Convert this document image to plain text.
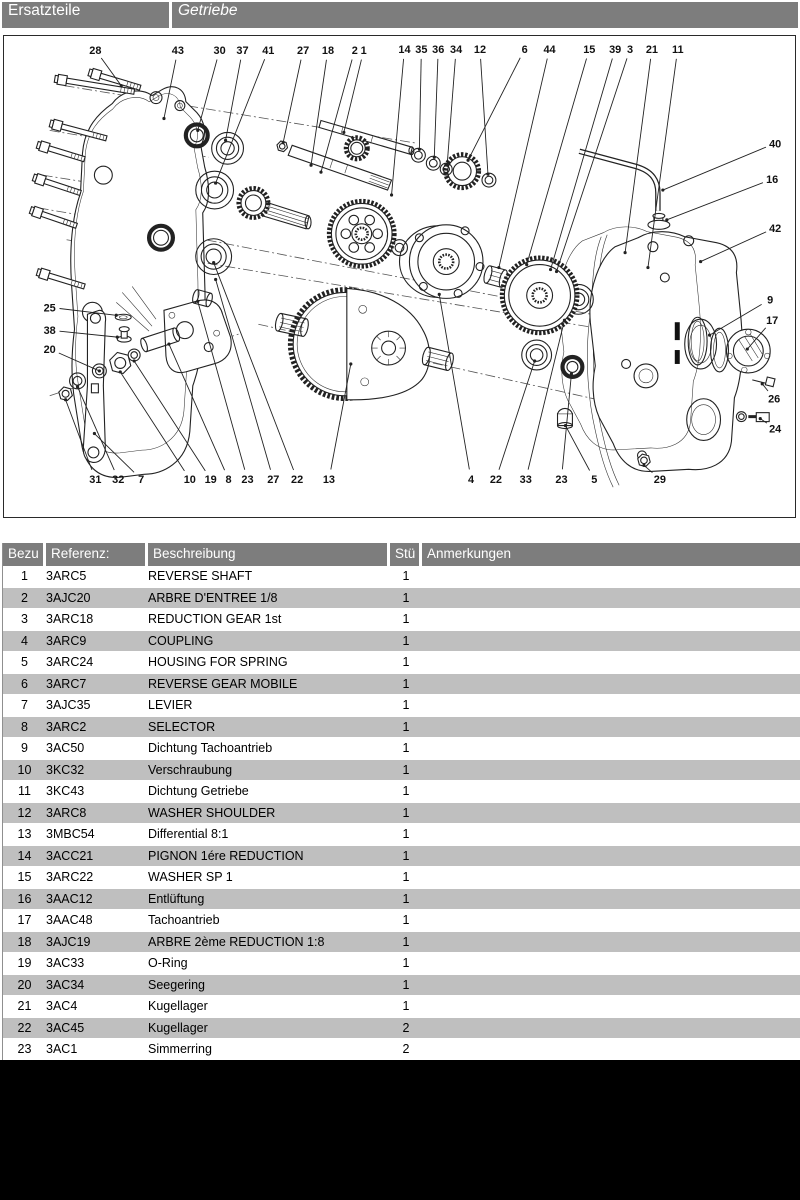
Ersatzteile	Getriebe
28	43	30 37 41 27 18 2 1	14 35 36 34 12	6 44	15 39 3 21 11
40
16
42
9
17
26
24
25
38
20
31 32 7	10 19 8 23 27 22 13	4 22 33 23 5	29
Bezu	Referenz:	Beschreibung	Stü	Anmerkungen
1	3ARC5	REVERSE SHAFT	1	
2	3AJC20	ARBRE D'ENTREE 1/8	1	
3	3ARC18	REDUCTION GEAR 1st	1	
4	3ARC9	COUPLING	1	
5	3ARC24	HOUSING FOR SPRING	1	
6	3ARC7	REVERSE GEAR MOBILE	1	
7	3AJC35	LEVIER	1	
8	3ARC2	SELECTOR	1	
9	3AC50	Dichtung Tachoantrieb	1	
10	3KC32	Verschraubung	1	
11	3KC43	Dichtung Getriebe	1	
12	3ARC8	WASHER SHOULDER	1	
13	3MBC54	Differential 8:1	1	
14	3ACC21	PIGNON 1ére REDUCTION	1	
15	3ARC22	WASHER SP 1	1	
16	3AAC12	Entlüftung	1	
17	3AAC48	Tachoantrieb	1	
18	3AJC19	ARBRE 2ème REDUCTION 1:8	1	
19	3AC33	O-Ring	1	
20	3AC34	Seegering	1	
21	3AC4	Kugellager	1	
22	3AC45	Kugellager	2	
23	3AC1	Simmerring	2	
